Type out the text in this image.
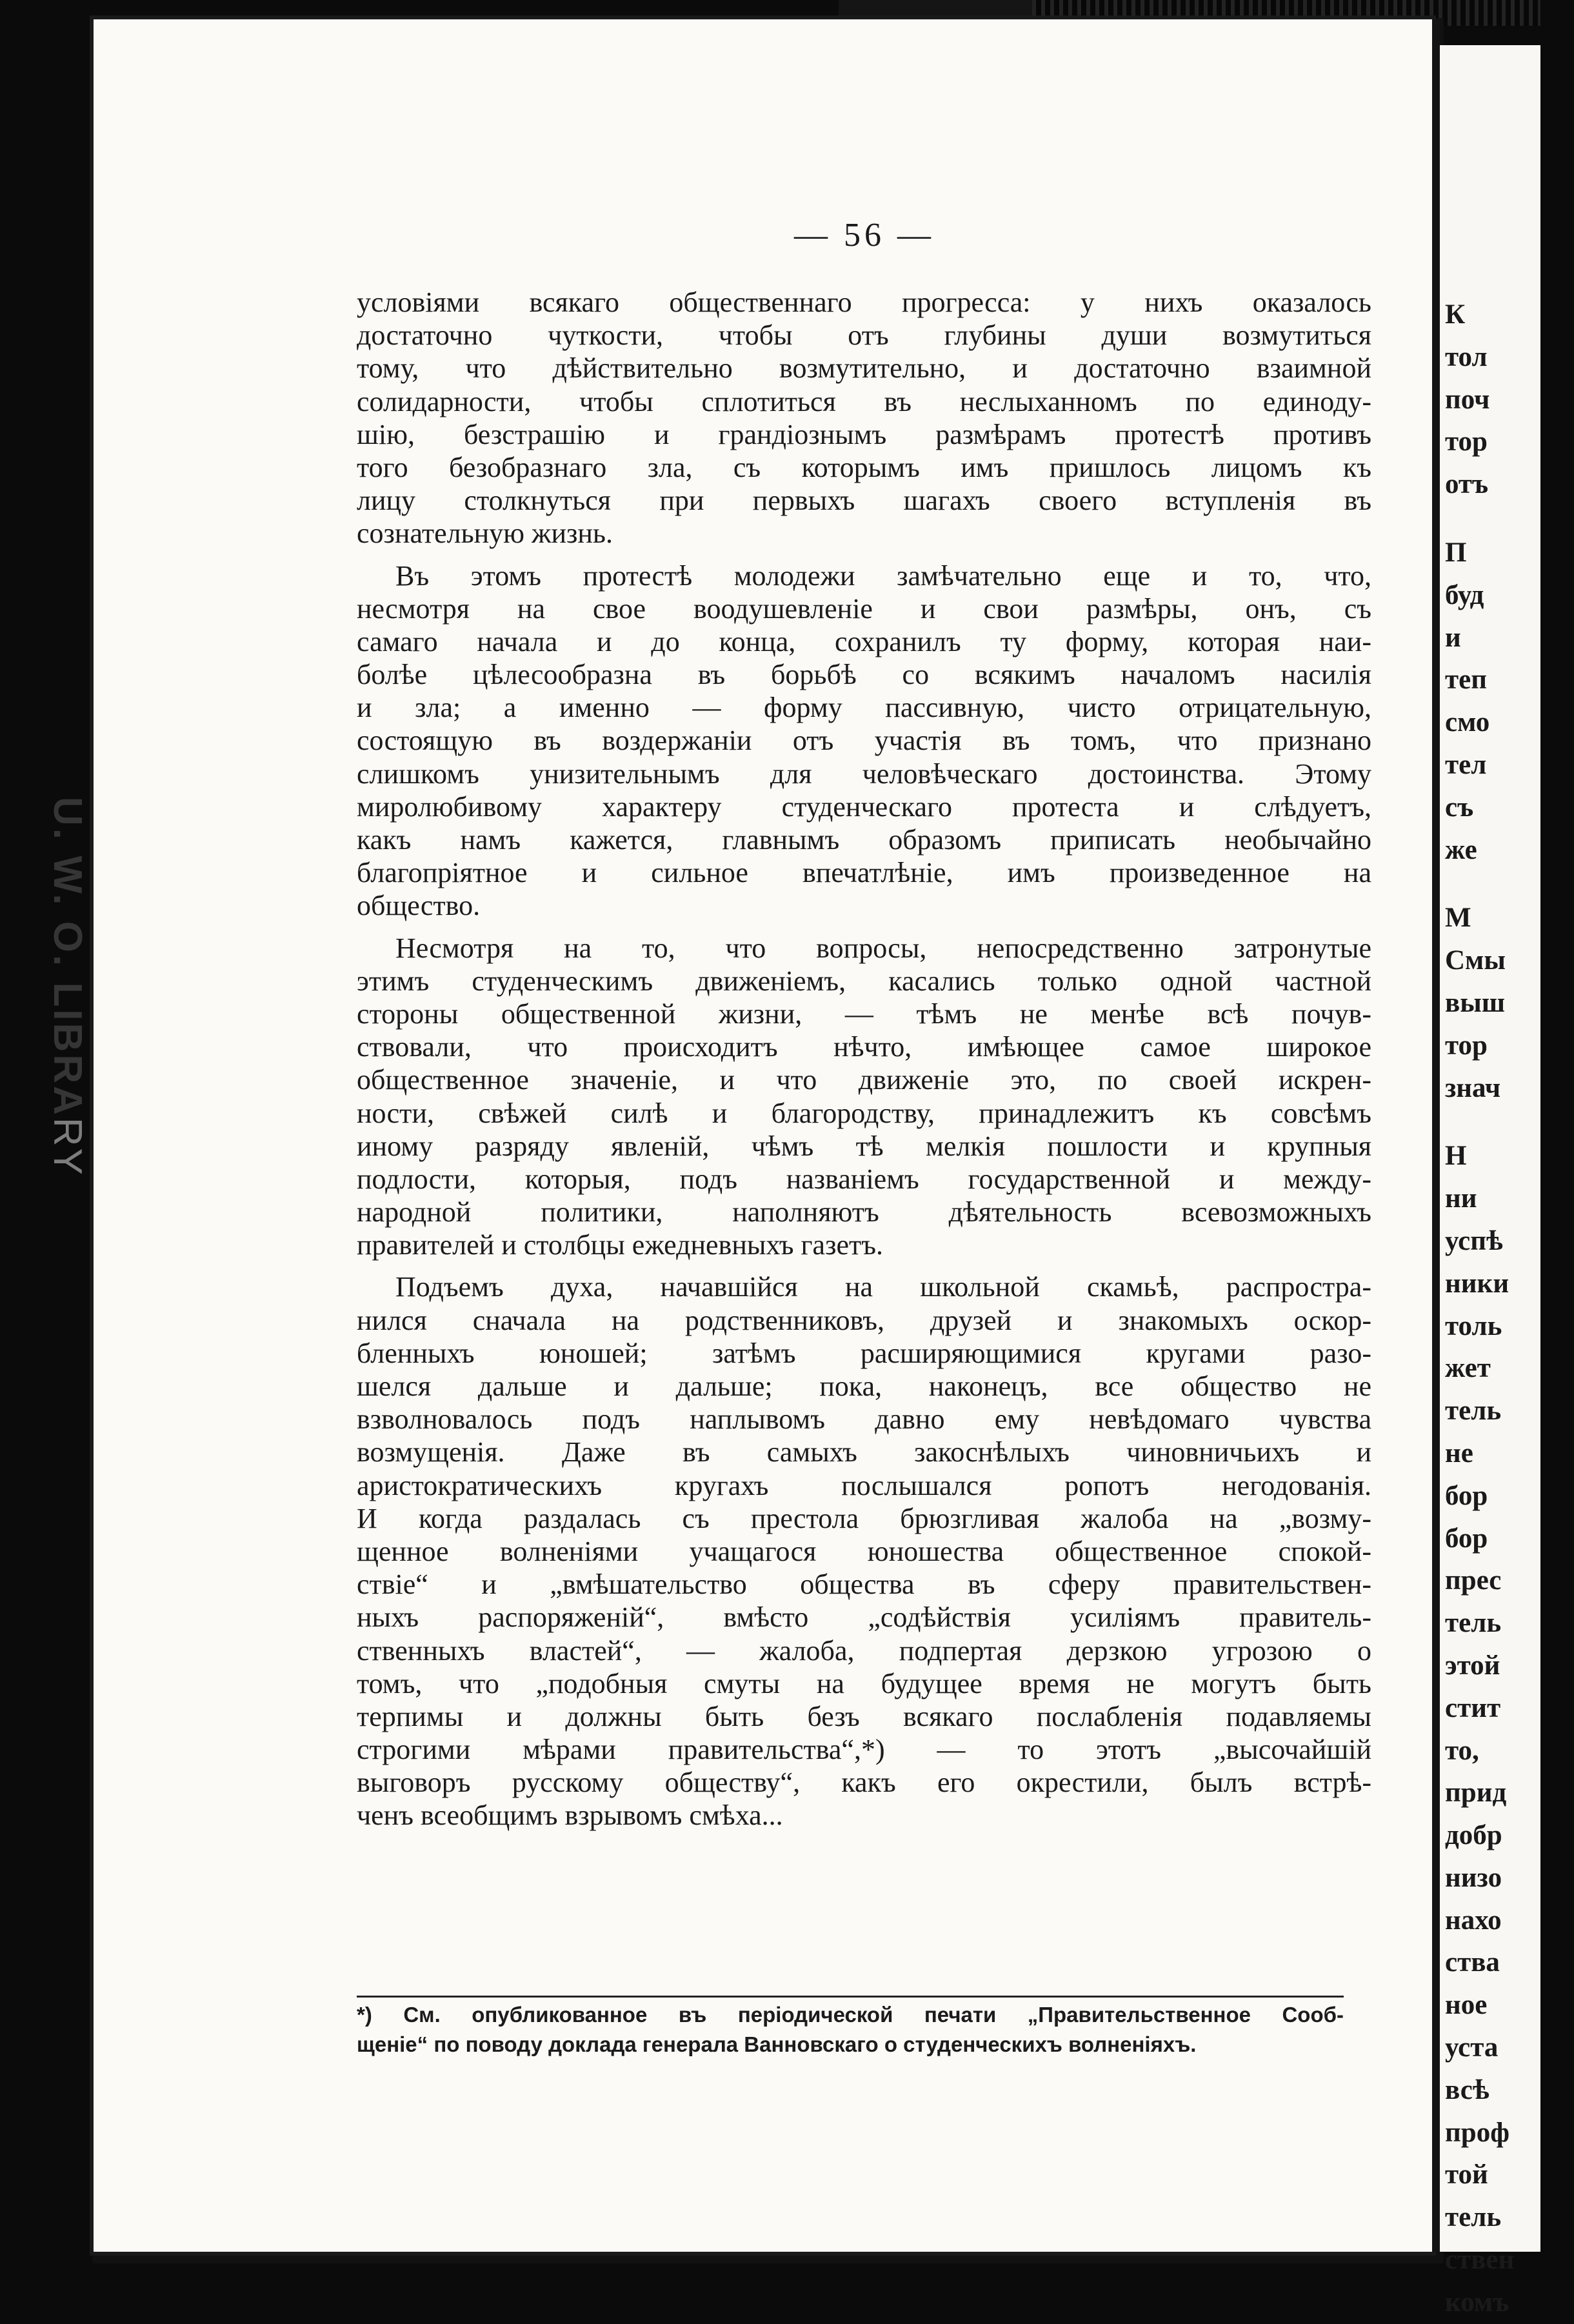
К
тол
поч
тор
отъ
П
буд
и
теп
смо
тел
съ
же
М
Смы
выш
тор
знач
Н
ни
успѣ
ники
толь
жет
тель
не
бор
бор
прес
тель
этой
стит
то,
прид
добр
низо
нахо
ства
ное
уста
всѣ
проф
той
тель
ствен
комъ
U. W. O. LIBRARY
— 56 —
условіями всякаго общественнаго прогресса: у нихъ оказалось
достаточно чуткости, чтобы отъ глубины души возмутиться
тому, что дѣйствительно возмутительно, и достаточно взаимной
солидарности, чтобы сплотиться въ неслыханномъ по единоду-
шію, безстрашію и грандіознымъ размѣрамъ протестѣ противъ
того безобразнаго зла, съ которымъ имъ пришлось лицомъ къ
лицу столкнуться при первыхъ шагахъ своего вступленія въ
сознательную жизнь.
Въ этомъ протестѣ молодежи замѣчательно еще и то, что,
несмотря на свое воодушевленіе и свои размѣры, онъ, съ
самаго начала и до конца, сохранилъ ту форму, которая наи-
болѣе цѣлесообразна въ борьбѣ со всякимъ началомъ насилія
и зла; а именно — форму пассивную, чисто отрицательную,
состоящую въ воздержаніи отъ участія въ томъ, что признано
слишкомъ унизительнымъ для человѣческаго достоинства. Этому
миролюбивому характеру студенческаго протеста и слѣдуетъ,
какъ намъ кажется, главнымъ образомъ приписать необычайно
благопріятное и сильное впечатлѣніе, имъ произведенное на
общество.
Несмотря на то, что вопросы, непосредственно затронутые
этимъ студенческимъ движеніемъ, касались только одной частной
стороны общественной жизни, — тѣмъ не менѣе всѣ почув-
ствовали, что происходитъ нѣчто, имѣющее самое широкое
общественное значеніе, и что движеніе это, по своей искрен-
ности, свѣжей силѣ и благородству, принадлежитъ къ совсѣмъ
иному разряду явленій, чѣмъ тѣ мелкія пошлости и крупныя
подлости, которыя, подъ названіемъ государственной и между-
народной политики, наполняютъ дѣятельность всевозможныхъ
правителей и столбцы ежедневныхъ газетъ.
Подъемъ духа, начавшійся на школьной скамьѣ, распростра-
нился сначала на родственниковъ, друзей и знакомыхъ оскор-
бленныхъ юношей; затѣмъ расширяющимися кругами разо-
шелся дальше и дальше; пока, наконецъ, все общество не
взволновалось подъ наплывомъ давно ему невѣдомаго чувства
возмущенія. Даже въ самыхъ закоснѣлыхъ чиновничьихъ и
аристократическихъ кругахъ послышался ропотъ негодованія.
И когда раздалась съ престола брюзгливая жалоба на „возму-
щенное волненіями учащагося юношества общественное спокой-
ствіе“ и „вмѣшательство общества въ сферу правительствен-
ныхъ распоряженій“, вмѣсто „содѣйствія усиліямъ правитель-
ственныхъ властей“, — жалоба, подпертая дерзкою угрозою о
томъ, что „подобныя смуты на будущее время не могутъ быть
терпимы и должны быть безъ всякаго послабленія подавляемы
строгими мѣрами правительства“,*) — то этотъ „высочайшій
выговоръ русскому обществу“, какъ его окрестили, былъ встрѣ-
ченъ всеобщимъ взрывомъ смѣха...
*) См. опубликованное въ періодической печати „Правительственное Сооб-
щеніе“ по поводу доклада генерала Ванновскаго о студенческихъ волненіяхъ.
